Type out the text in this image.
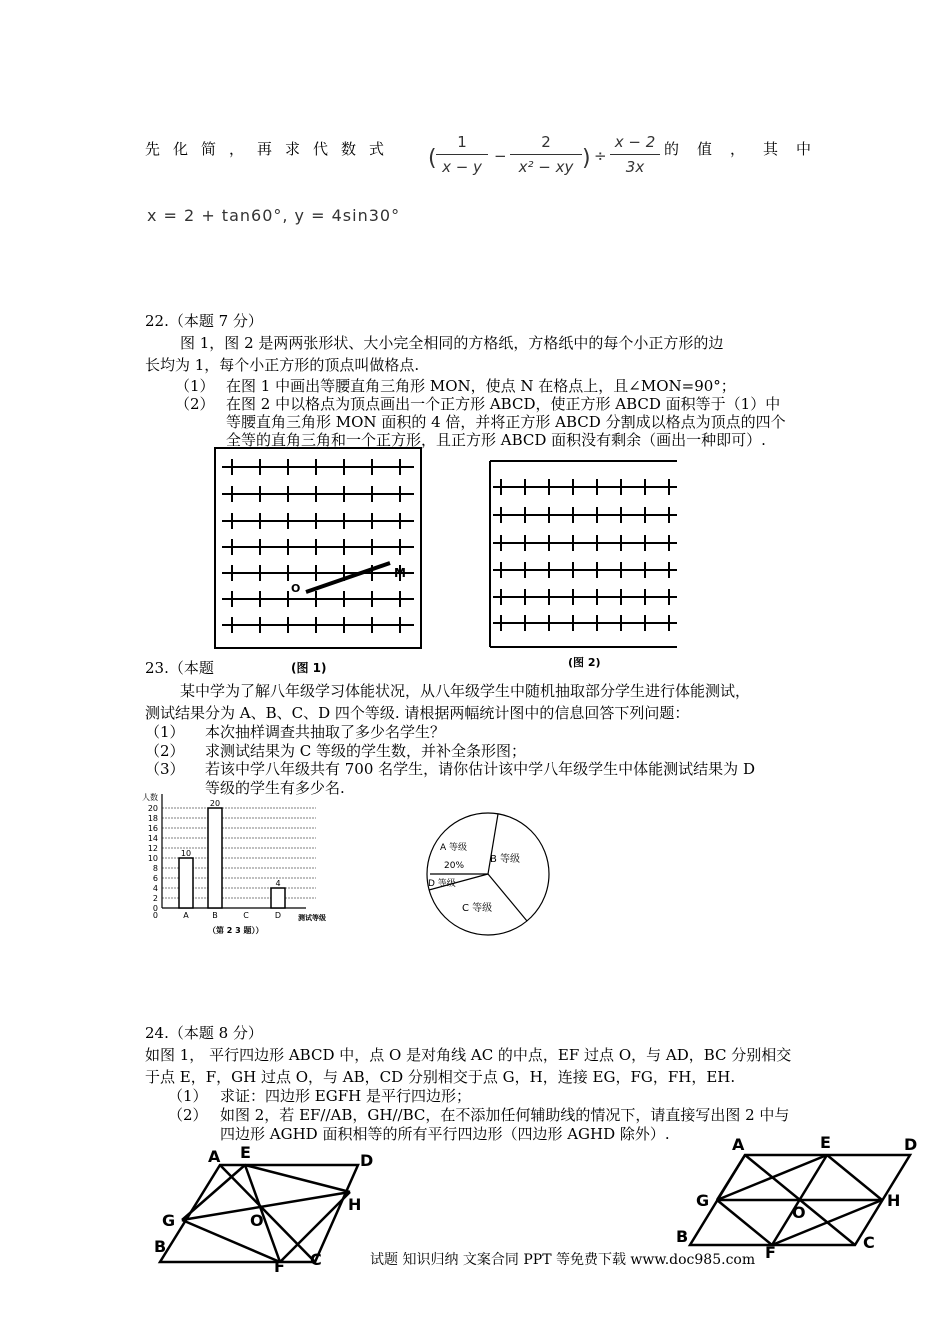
先化简，再求代数式 (
1
x − y
−
2
x² − xy ) ÷
x − 2
3x
的值，其中
x = 2 + tan60°, y = 4sin30°
22.（本题 7 分）
图 1，图 2 是两两张形状、大小完全相同的方格纸，方格纸中的每个小正方形的边
长均为 1，每个小正方形的顶点叫做格点.
（1） 在图 1 中画出等腰直角三角形 MON，使点 N 在格点上，且∠MON=90°；
（2） 在图 2 中以格点为顶点画出一个正方形 ABCD，使正方形 ABCD 面积等于（1）中
等腰直角三角形 MON 面积的 4 倍，并将正方形 ABCD 分割成以格点为顶点的四个
全等的直角三角和一个正方形，且正方形 ABCD 面积没有剩余（画出一种即可）.
O
M
(图 1)	(图 2)
23.（本题
某中学为了解八年级学习体能状况，从八年级学生中随机抽取部分学生进行体能测试，
测试结果分为 A、B、C、D 四个等级. 请根据两幅统计图中的信息回答下列问题：
（1） 本次抽样调查共抽取了多少名学生？
（2） 求测试结果为 C 等级的学生数，并补全条形图；
（3） 若该中学八年级共有 700 名学生，请你估计该中学八年级学生中体能测试结果为 D
等级的学生有多少名.
人数
0
2
4
6
8
10
12
14
16
18
20
10
A
20
B	C
4
D
0	测试等级
（第 2 3 题））
A 等级
20%
B 等级
D 等级
C 等级
24.（本题 8 分）
如图 1， 平行四边形 ABCD 中，点 O 是对角线 AC 的中点，EF 过点 O，与 AD，BC 分别相交
于点 E，F，GH 过点 O，与 AB，CD 分别相交于点 G，H，连接 EG，FG，FH，EH.
（1） 求证：四边形 EGFH 是平行四边形；
（2） 如图 2，若 EF//AB，GH//BC，在不添加任何辅助线的情况下，请直接写出图 2 中与
四边形 AGHD 面积相等的所有平行四边形（四边形 AGHD 除外）.
A E	D
H
G	O
B
F C
A	E	D
G	H
O
B
F
C
试题 知识归纳 文案合同 PPT 等免费下载 www.doc985.com
